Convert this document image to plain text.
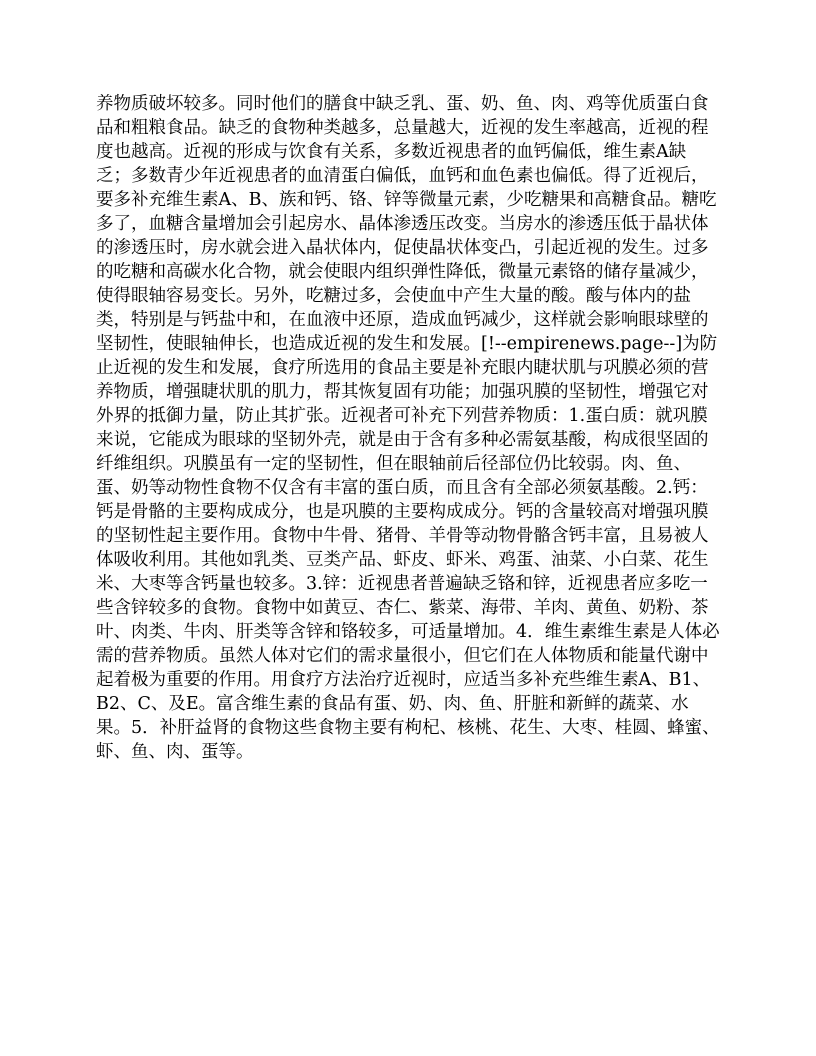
养物质破坏较多。同时他们的膳食中缺乏乳、蛋、奶、鱼、肉、鸡等优质蛋白食品和粗粮食品。缺乏的食物种类越多，总量越大，近视的发生率越高，近视的程度也越高。近视的形成与饮食有关系，多数近视患者的血钙偏低，维生素A缺乏；多数青少年近视患者的血清蛋白偏低，血钙和血色素也偏低。得了近视后，要多补充维生素A、B、族和钙、铬、锌等微量元素，少吃糖果和高糖食品。糖吃多了，血糖含量增加会引起房水、晶体渗透压改变。当房水的渗透压低于晶状体的渗透压时，房水就会进入晶状体内，促使晶状体变凸，引起近视的发生。过多的吃糖和高碳水化合物，就会使眼内组织弹性降低，微量元素铬的储存量减少，使得眼轴容易变长。另外，吃糖过多，会使血中产生大量的酸。酸与体内的盐类，特别是与钙盐中和，在血液中还原，造成血钙减少，这样就会影响眼球壁的坚韧性，使眼轴伸长，也造成近视的发生和发展。[!--empirenews.page--]为防止近视的发生和发展，食疗所选用的食品主要是补充眼内睫状肌与巩膜必须的营养物质，增强睫状肌的肌力，帮其恢复固有功能；加强巩膜的坚韧性，增强它对外界的抵御力量，防止其扩张。近视者可补充下列营养物质：1.蛋白质：就巩膜来说，它能成为眼球的坚韧外壳，就是由于含有多种必需氨基酸，构成很坚固的纤维组织。巩膜虽有一定的坚韧性，但在眼轴前后径部位仍比较弱。肉、鱼、蛋、奶等动物性食物不仅含有丰富的蛋白质，而且含有全部必须氨基酸。2.钙：钙是骨骼的主要构成成分，也是巩膜的主要构成成分。钙的含量较高对增强巩膜的坚韧性起主要作用。食物中牛骨、猪骨、羊骨等动物骨骼含钙丰富，且易被人体吸收利用。其他如乳类、豆类产品、虾皮、虾米、鸡蛋、油菜、小白菜、花生米、大枣等含钙量也较多。3.锌：近视患者普遍缺乏铬和锌，近视患者应多吃一些含锌较多的食物。食物中如黄豆、杏仁、紫菜、海带、羊肉、黄鱼、奶粉、茶叶、肉类、牛肉、肝类等含锌和铬较多，可适量增加。4．维生素维生素是人体必需的营养物质。虽然人体对它们的需求量很小，但它们在人体物质和能量代谢中起着极为重要的作用。用食疗方法治疗近视时，应适当多补充些维生素A、B1、B2、C、及E。富含维生素的食品有蛋、奶、肉、鱼、肝脏和新鲜的蔬菜、水果。5．补肝益肾的食物这些食物主要有枸杞、核桃、花生、大枣、桂圆、蜂蜜、虾、鱼、肉、蛋等。
